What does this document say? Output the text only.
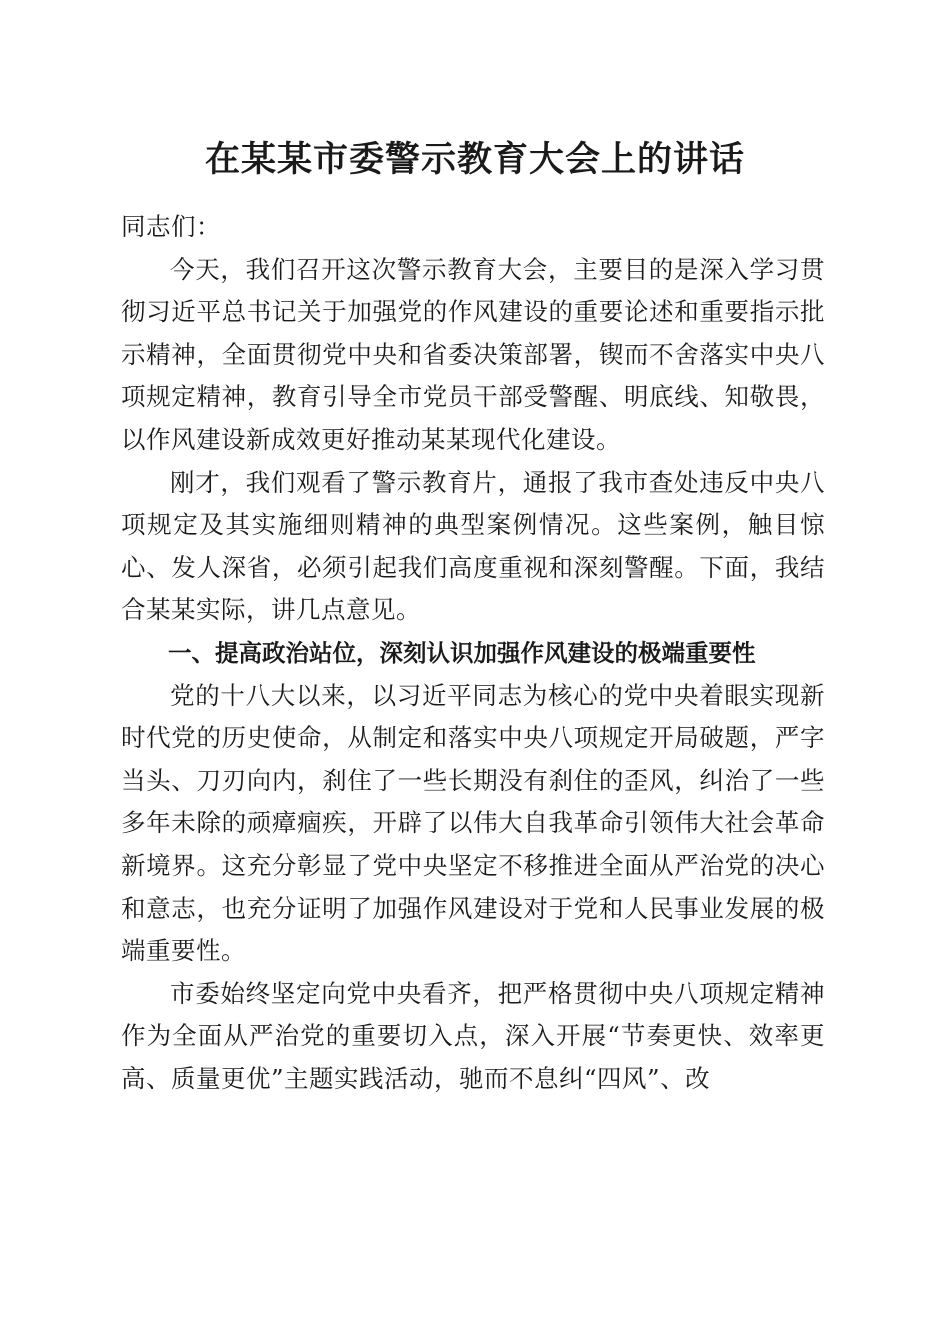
在某某市委警示教育大会上的讲话

同志们：

今天，我们召开这次警示教育大会，主要目的是深入学习贯彻习近平总书记关于加强党的作风建设的重要论述和重要指示批示精神，全面贯彻党中央和省委决策部署，锲而不舍落实中央八项规定精神，教育引导全市党员干部受警醒、明底线、知敬畏，以作风建设新成效更好推动某某现代化建设。

刚才，我们观看了警示教育片，通报了我市查处违反中央八项规定及其实施细则精神的典型案例情况。这些案例，触目惊心、发人深省，必须引起我们高度重视和深刻警醒。下面，我结合某某实际，讲几点意见。

一、提高政治站位，深刻认识加强作风建设的极端重要性

党的十八大以来，以习近平同志为核心的党中央着眼实现新时代党的历史使命，从制定和落实中央八项规定开局破题，严字当头、刀刃向内，刹住了一些长期没有刹住的歪风，纠治了一些多年未除的顽瘴痼疾，开辟了以伟大自我革命引领伟大社会革命新境界。这充分彰显了党中央坚定不移推进全面从严治党的决心和意志，也充分证明了加强作风建设对于党和人民事业发展的极端重要性。

市委始终坚定向党中央看齐，把严格贯彻中央八项规定精神作为全面从严治党的重要切入点，深入开展“节奏更快、效率更高、质量更优”主题实践活动，驰而不息纠“四风”、改
